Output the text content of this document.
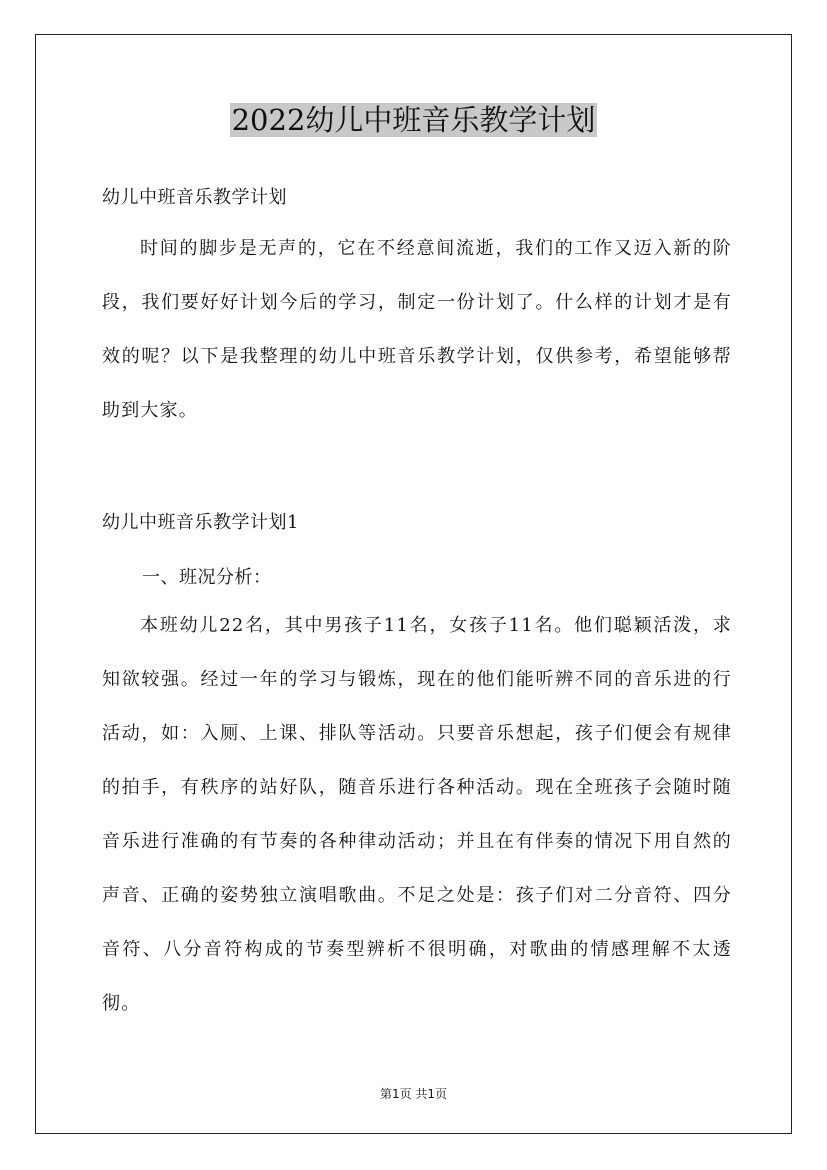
2022幼儿中班音乐教学计划
幼儿中班音乐教学计划
时间的脚步是无声的，它在不经意间流逝，我们的工作又迈入新的阶段，我们要好好计划今后的学习，制定一份计划了。什么样的计划才是有效的呢？以下是我整理的幼儿中班音乐教学计划，仅供参考，希望能够帮助到大家。
幼儿中班音乐教学计划1
一、班况分析：
本班幼儿22名，其中男孩子11名，女孩子11名。他们聪颖活泼，求知欲较强。经过一年的学习与锻炼，现在的他们能听辨不同的音乐进的行活动，如：入厕、上课、排队等活动。只要音乐想起，孩子们便会有规律的拍手，有秩序的站好队，随音乐进行各种活动。现在全班孩子会随时随音乐进行准确的有节奏的各种律动活动；并且在有伴奏的情况下用自然的声音、正确的姿势独立演唱歌曲。不足之处是：孩子们对二分音符、四分音符、八分音符构成的节奏型辨析不很明确，对歌曲的情感理解不太透彻。
第1页 共1页
